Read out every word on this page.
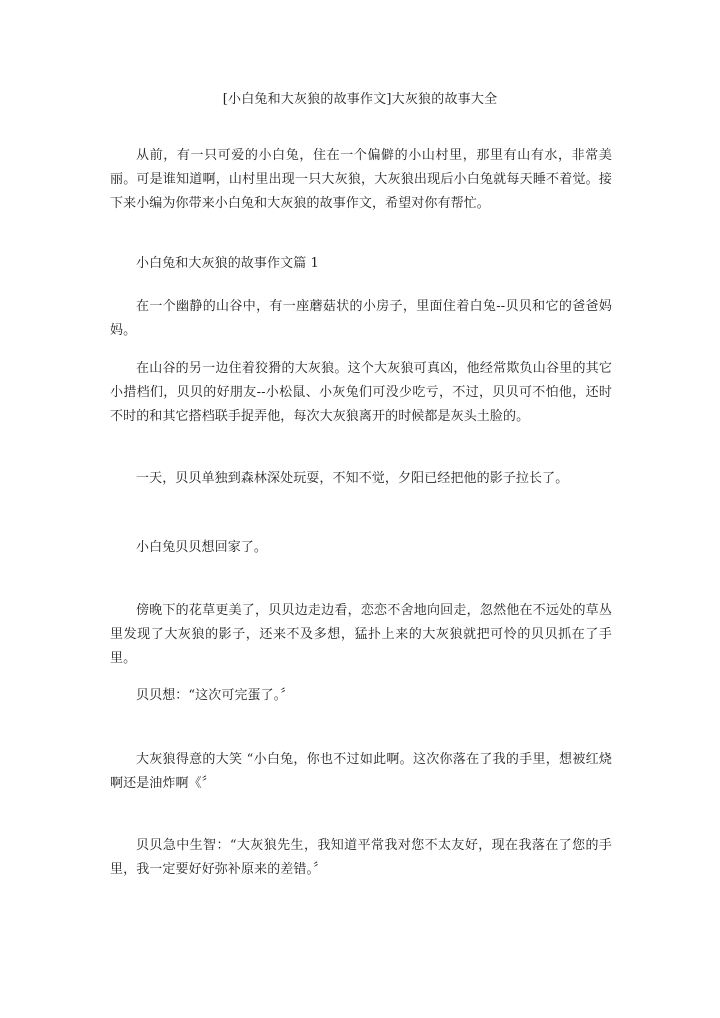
[小白兔和大灰狼的故事作文]大灰狼的故事大全

从前，有一只可爱的小白兔，住在一个偏僻的小山村里，那里有山有水，非常美丽。可是谁知道啊，山村里出现一只大灰狼，大灰狼出现后小白兔就每天睡不着觉。接下来小编为你带来小白兔和大灰狼的故事作文，希望对你有帮忙。

小白兔和大灰狼的故事作文篇 1

在一个幽静的山谷中，有一座蘑菇状的小房子，里面住着白兔--贝贝和它的爸爸妈妈。

在山谷的另一边住着狡猾的大灰狼。这个大灰狼可真凶，他经常欺负山谷里的其它小措档们，贝贝的好朋友--小松鼠、小灰兔们可没少吃亏，不过，贝贝可不怕他，还时不时的和其它搭档联手捉弄他，每次大灰狼离开的时候都是灰头土脸的。

一天，贝贝单独到森林深处玩耍，不知不觉，夕阳已经把他的影子拉长了。

小白兔贝贝想回家了。

傍晚下的花草更美了，贝贝边走边看，恋恋不舍地向回走，忽然他在不远处的草丛里发现了大灰狼的影子，还来不及多想，猛扑上来的大灰狼就把可怜的贝贝抓在了手里。

贝贝想：“这次可完蛋了。〞

大灰狼得意的大笑 “小白兔，你也不过如此啊。这次你落在了我的手里，想被红烧啊还是油炸啊《〞

贝贝急中生智：“大灰狼先生，我知道平常我对您不太友好，现在我落在了您的手里，我一定要好好弥补原来的差错。〞
